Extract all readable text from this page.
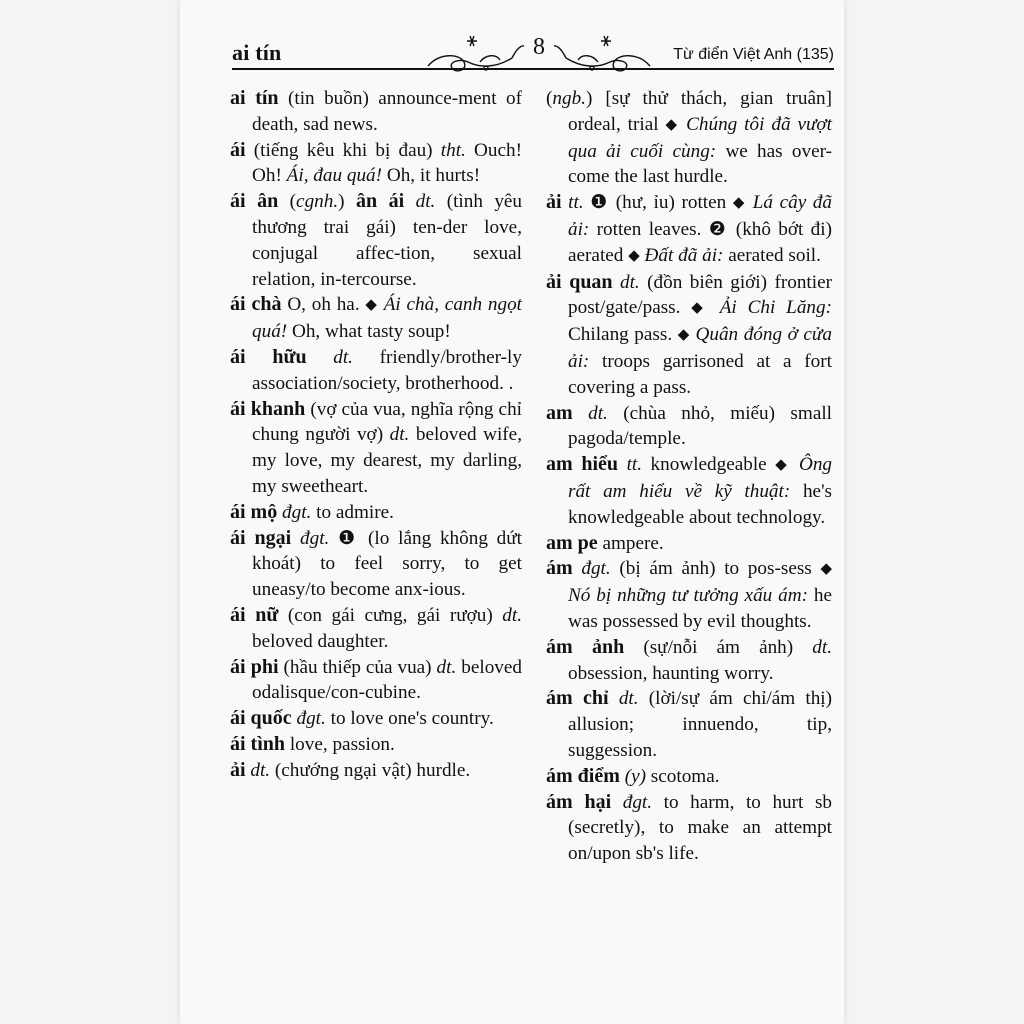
ai tín	8	Từ điển Việt Anh (135)

ai tín (tin buồn) announce-ment of death, sad news.

ái (tiếng kêu khi bị đau) tht. Ouch! Oh! Ái, đau quá! Oh, it hurts!

ái ân (cgnh.) ân ái dt. (tình yêu thương trai gái) ten-der love, conjugal affec-tion, sexual relation, in-tercourse.

ái chà O, oh ha. ◆ Ái chà, canh ngọt quá! Oh, what tasty soup!

ái hữu dt. friendly/brother-ly association/society, brotherhood. .

ái khanh (vợ của vua, nghĩa rộng chỉ chung người vợ) dt. beloved wife, my love, my dearest, my darling, my sweetheart.

ái mộ đgt. to admire.

ái ngại đgt. ❶ (lo lắng không dứt khoát) to feel sorry, to get uneasy/to become anx-ious.

ái nữ (con gái cưng, gái rượu) dt. beloved daughter.

ái phi (hầu thiếp của vua) dt. beloved odalisque/con-cubine.

ái quốc đgt. to love one's country.

ái tình love, passion.

ải dt. (chướng ngại vật) hurdle.

(ngb.) [sự thử thách, gian truân] ordeal, trial ◆ Chúng tôi đã vượt qua ải cuối cùng: we has over-come the last hurdle.

ải tt. ❶ (hư, ỉu) rotten ◆ Lá cây đã ải: rotten leaves. ❷ (khô bớt đi) aerated ◆ Đất đã ải: aerated soil.

ải quan dt. (đồn biên giới) frontier post/gate/pass. ◆ Ải Chi Lăng: Chilang pass. ◆ Quân đóng ở cửa ải: troops garrisoned at a fort covering a pass.

am dt. (chùa nhỏ, miếu) small pagoda/temple.

am hiểu tt. knowledgeable ◆ Ông rất am hiểu về kỹ thuật: he's knowledgeable about technology.

am pe ampere.

ám đgt. (bị ám ảnh) to pos-sess ◆ Nó bị những tư tưởng xấu ám: he was possessed by evil thoughts.

ám ảnh (sự/nỗi ám ảnh) dt. obsession, haunting worry.

ám chỉ dt. (lời/sự ám chỉ/ám thị) allusion; innuendo, tip, suggession.

ám điểm (y) scotoma.

ám hại đgt. to harm, to hurt sb (secretly), to make an attempt on/upon sb's life.
